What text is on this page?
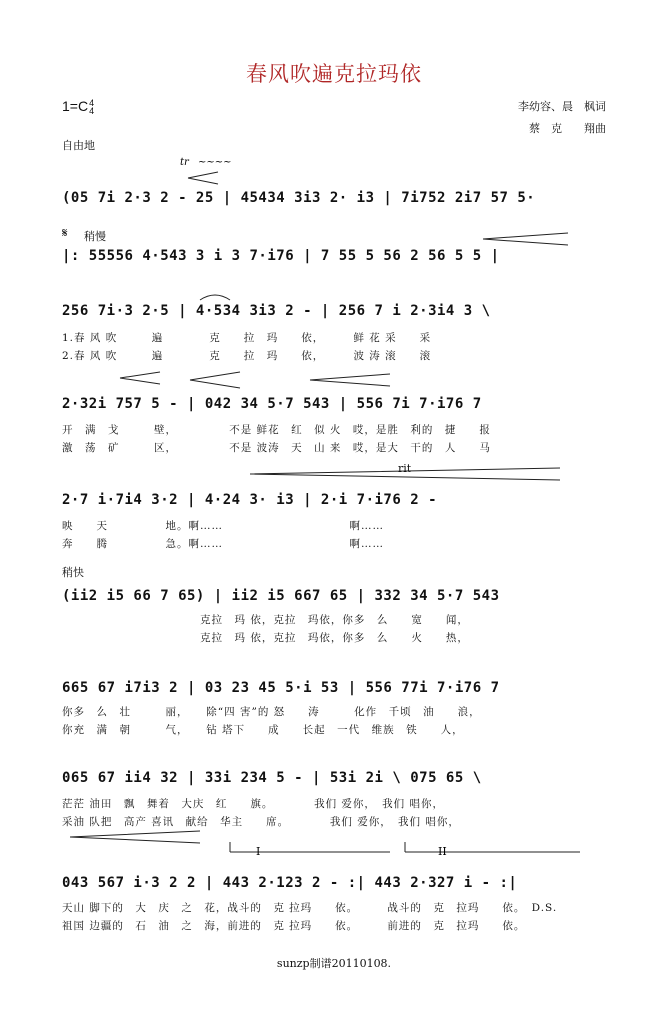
I	II
tr ~~~~
春风吹遍克拉玛依
1=C 4
4	李幼容、晨　枫词
蔡　克　　翔曲
自由地
𝄋 稍慢
稍快
rit
(05 7i 2·3 2 - 25 | 45434 3i3 2· i3 | 7i752 2i7 57 5·
|: 55556 4·543 3 i 3 7·i76 | 7 55 5 56 2 56 5 5 |
256 7i·3 2·5 | 4·534 3i3 2 - | 256 7 i 2·3i4 3 \
1.春 风 吹　　　遍　　　　克　　拉　玛　　依，　　　鲜 花 采　　采
2.春 风 吹　　　遍　　　　克　　拉　玛　　依，　　　波 涛 滚　　滚
2·32i 757 5 - | 042 34 5·7 543 | 556 7i 7·i76 7
开　满　戈　　　壁，　　　　　不是 鲜花　红　似 火　哎，是胜　利的　捷　　报
激　荡　矿　　　区，　　　　　不是 波涛　天　山 来　哎，是大　干的　人　　马
2·7 i·7i4 3·2 | 4·24 3· i3 | 2·i 7·i76 2 -
映　　天　　　　　地。啊……　　　　　　　　　　　啊……
奔　　腾　　　　　急。啊……　　　　　　　　　　　啊……
(ii2 i5 66 7 65) | ii2 i5 667 65 | 332 34 5·7 543
　　　　　　　　　　　　克拉　玛 依，克拉　玛依，你多　么　　宽　　闻，
　　　　　　　　　　　　克拉　玛 依，克拉　玛依，你多　么　　火　　热，
665 67 i7i3 2 | 03 23 45 5·i 53 | 556 77i 7·i76 7
你多　么　壮　　　丽，　　除“四 害”的 怒　　涛　　　化作　千顷　油　　浪，
你充　满　朝　　　气，　　钻 塔下　　成　　长起　一代　维族　铁　　人，
065 67 ii4 32 | 33i 234 5 - | 53i 2i \ 075 65 \
茫茫 油田　飘　舞着　大庆　红　　旗。　　　　我们 爱你，　我们 唱你，
采油 队把　高产 喜讯　献给　华主　　席。　　　　我们 爱你，　我们 唱你，
043 567 i·3 2 2 | 443 2·123 2 - :| 443 2·327 i - :|
天山 脚下的　大　庆　之　花，战斗的　克 拉玛　　依。　　　战斗的　克　拉玛　　依。　D.S.
祖国 边疆的　石　油　之　海，前进的　克 拉玛　　依。　　　前进的　克　拉玛　　依。
sunzp制谱20110108.
